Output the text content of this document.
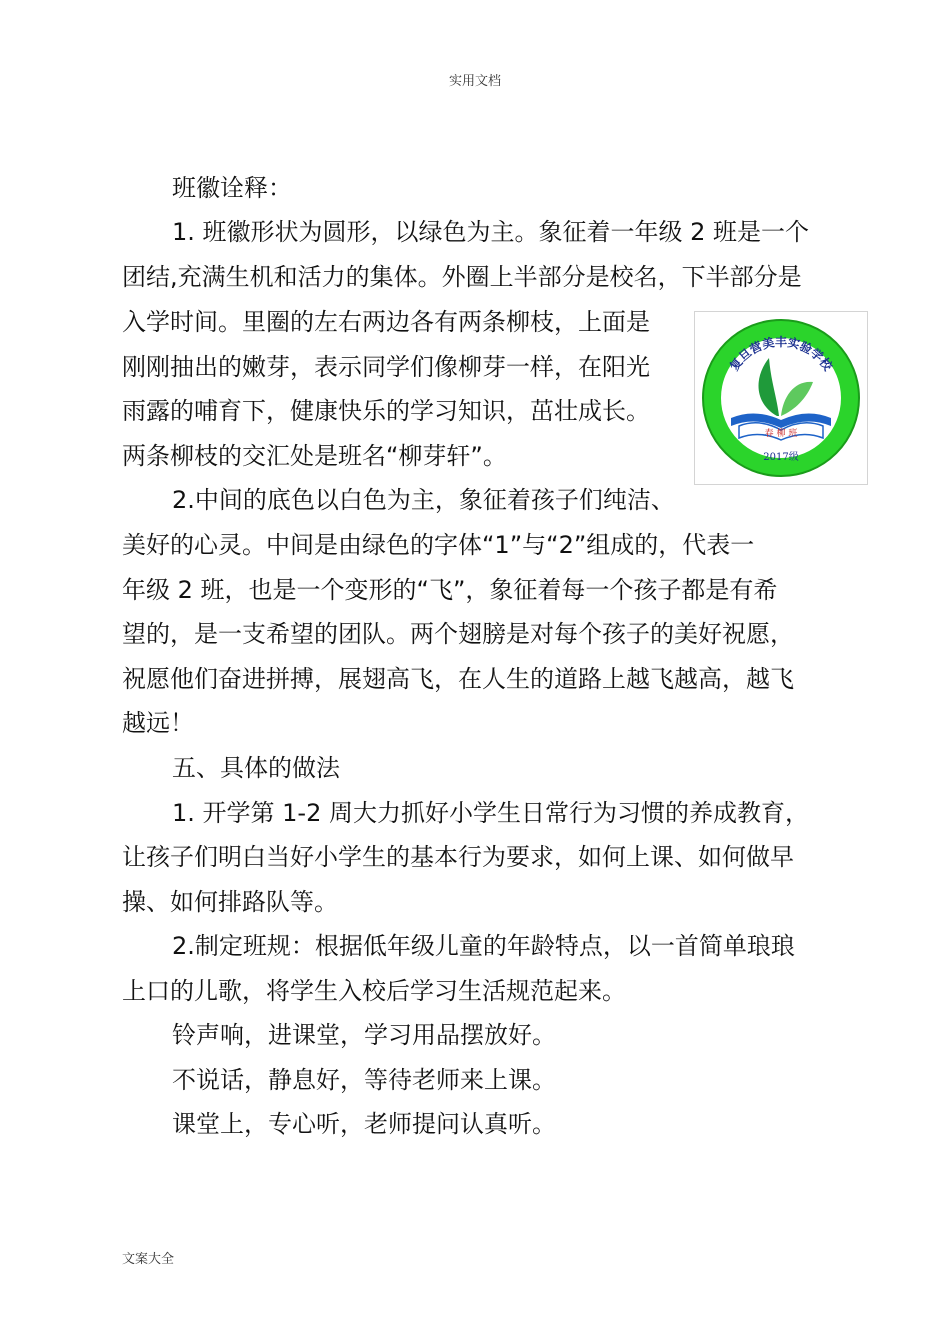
实用文档
班徽诠释：
1. 班徽形状为圆形，以绿色为主。象征着一年级 2 班是一个
团结,充满生机和活力的集体。外圈上半部分是校名，下半部分是
入学时间。里圈的左右两边各有两条柳枝，上面是
刚刚抽出的嫩芽，表示同学们像柳芽一样，在阳光
雨露的哺育下，健康快乐的学习知识，茁壮成长。
两条柳枝的交汇处是班名“柳芽轩”。
2.中间的底色以白色为主，象征着孩子们纯洁、
美好的心灵。中间是由绿色的字体“1”与“2”组成的，代表一
年级 2 班，也是一个变形的“飞”，象征着每一个孩子都是有希
望的，是一支希望的团队。两个翅膀是对每个孩子的美好祝愿，
祝愿他们奋进拼搏，展翅高飞，在人生的道路上越飞越高，越飞
越远！
五、具体的做法
1. 开学第 1-2 周大力抓好小学生日常行为习惯的养成教育，
让孩子们明白当好小学生的基本行为要求，如何上课、如何做早
操、如何排路队等。
2.制定班规：根据低年级儿童的年龄特点，以一首简单琅琅
上口的儿歌，将学生入校后学习生活规范起来。
铃声响，进课堂，学习用品摆放好。
不说话，静息好，等待老师来上课。
课堂上，专心听，老师提问认真听。
复旦营美丰实验学校
春 柳 班
2017级
文案大全
